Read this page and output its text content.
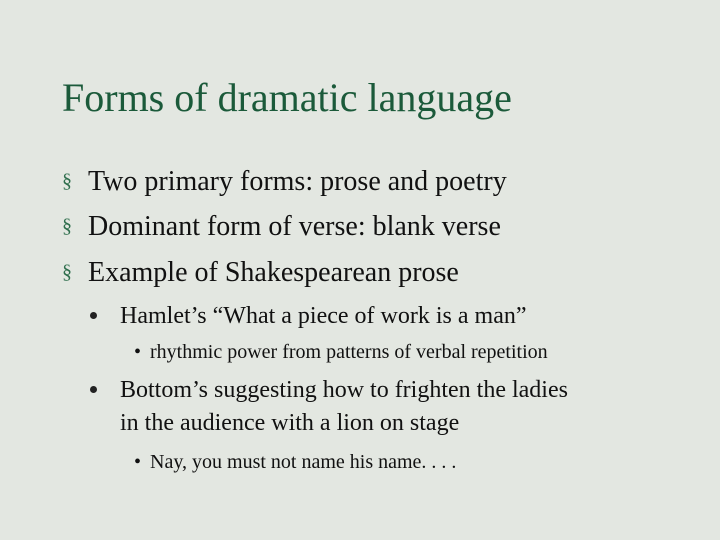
Forms of dramatic language
§ Two primary forms: prose and poetry
§ Dominant form of verse: blank verse
§ Example of Shakespearean prose
Hamlet’s “What a piece of work is a man”
• rhythmic power from patterns of verbal repetition
Bottom’s suggesting how to frighten the ladies
in the audience with a lion on stage
• Nay, you must not name his name. . . .
